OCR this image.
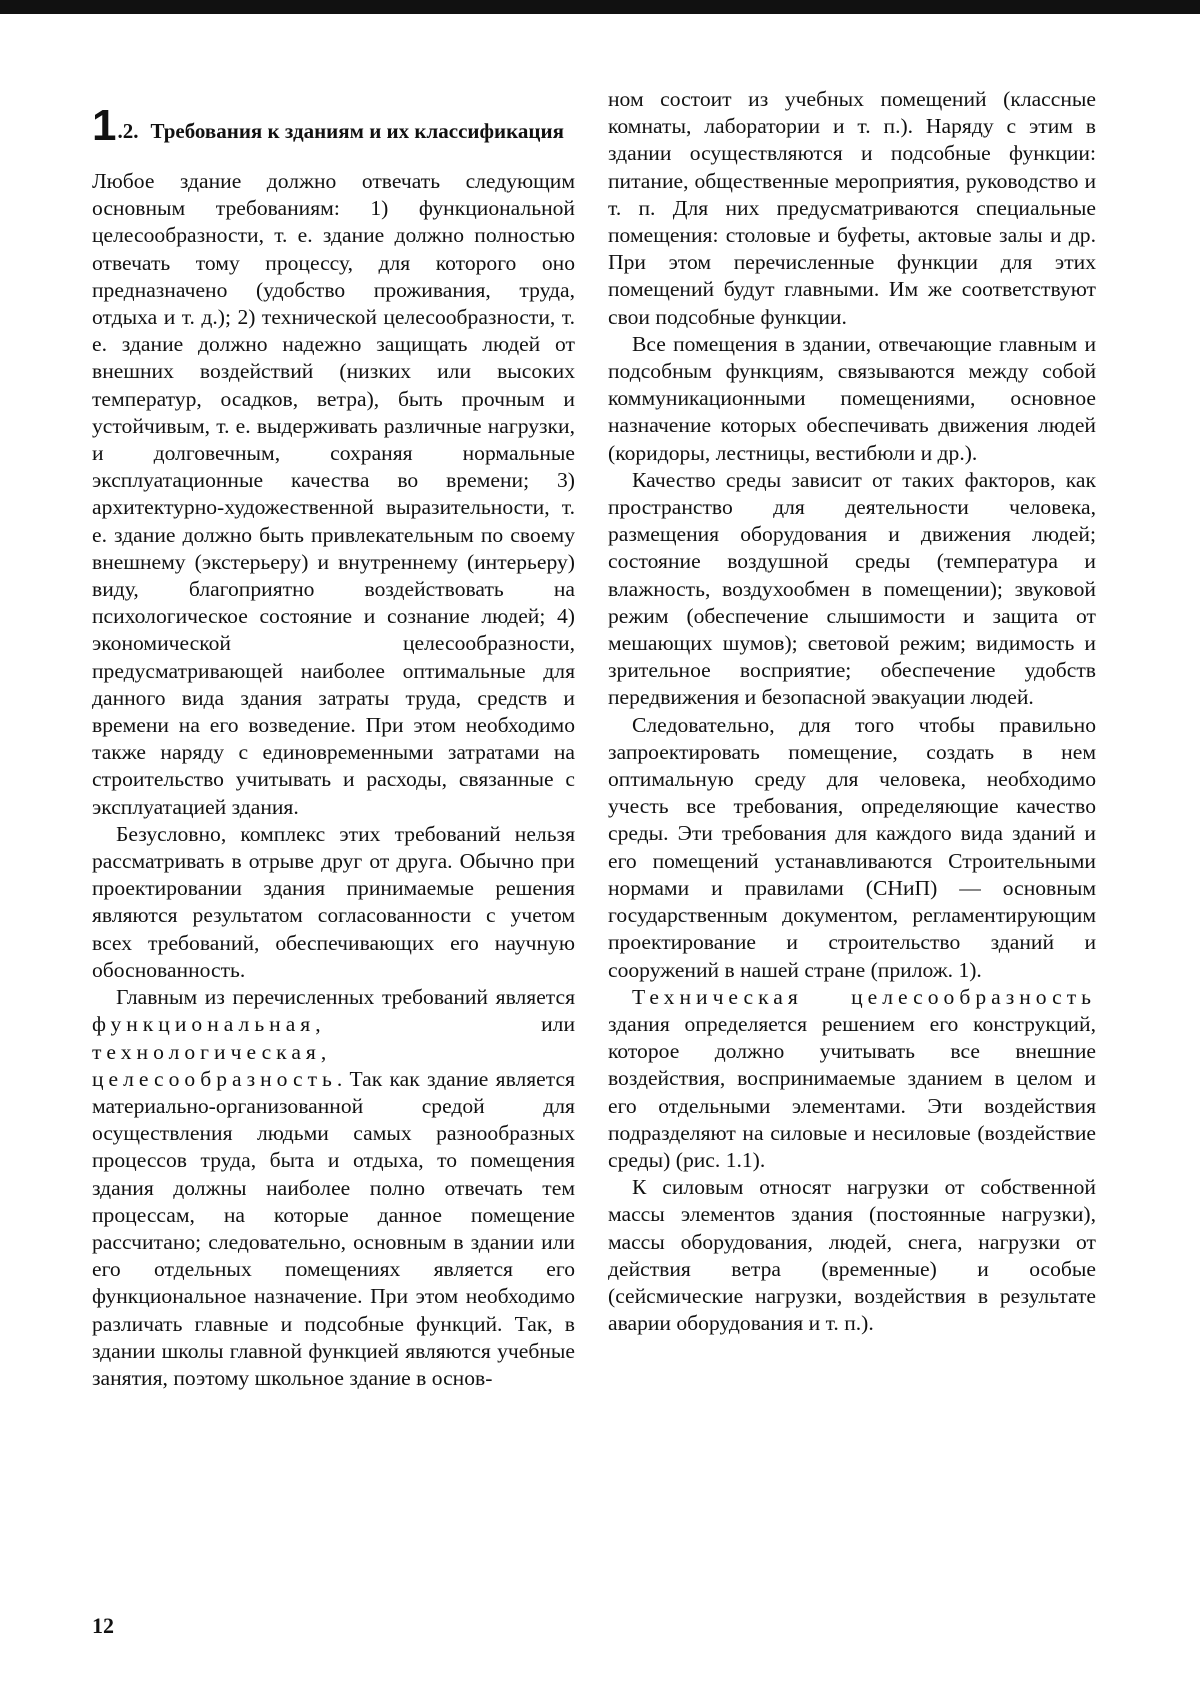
1 .2. Требования к зданиям и их классификация

Любое здание должно отвечать следующим основным требованиям: 1) функциональной целесообразности, т. е. здание должно полностью отвечать тому процессу, для которого оно предназначено (удобство проживания, труда, отдыха и т. д.); 2) технической целесообразности, т. е. здание должно надежно защищать людей от внешних воздействий (низких или высоких температур, осадков, ветра), быть прочным и устойчивым, т. е. выдерживать различные нагрузки, и долговечным, сохраняя нормальные эксплуатационные качества во времени; 3) архитектурно-художественной выразительности, т. е. здание должно быть привлекательным по своему внешнему (экстерьеру) и внутреннему (интерьеру) виду, благоприятно воздействовать на психологическое состояние и сознание людей; 4) экономической целесообразности, предусматривающей наиболее оптимальные для данного вида здания затраты труда, средств и времени на его возведение. При этом необходимо также наряду с единовременными затратами на строительство учитывать и расходы, связанные с эксплуатацией здания.

Безусловно, комплекс этих требований нельзя рассматривать в отрыве друг от друга. Обычно при проектировании здания принимаемые решения являются результатом согласованности с учетом всех требований, обеспечивающих его научную обоснованность.

Главным из перечисленных требований является функциональная, или технологическая, целесообразность. Так как здание является материально-организованной средой для осуществления людьми самых разнообразных процессов труда, быта и отдыха, то помещения здания должны наиболее полно отвечать тем процессам, на которые данное помещение рассчитано; следовательно, основным в здании или его отдельных помещениях является его функциональное назначение. При этом необходимо различать главные и подсобные функций. Так, в здании школы главной функцией являются учебные занятия, поэтому школьное здание в основ-

ном состоит из учебных помещений (классные комнаты, лаборатории и т. п.). Наряду с этим в здании осуществляются и подсобные функции: питание, общественные мероприятия, руководство и т. п. Для них предусматриваются специальные помещения: столовые и буфеты, актовые залы и др. При этом перечисленные функции для этих помещений будут главными. Им же соответствуют свои подсобные функции.

Все помещения в здании, отвечающие главным и подсобным функциям, связываются между собой коммуникационными помещениями, основное назначение которых обеспечивать движения людей (коридоры, лестницы, вестибюли и др.).

Качество среды зависит от таких факторов, как пространство для деятельности человека, размещения оборудования и движения людей; состояние воздушной среды (температура и влажность, воздухообмен в помещении); звуковой режим (обеспечение слышимости и защита от мешающих шумов); световой режим; видимость и зрительное восприятие; обеспечение удобств передвижения и безопасной эвакуации людей.

Следовательно, для того чтобы правильно запроектировать помещение, создать в нем оптимальную среду для человека, необходимо учесть все требования, определяющие качество среды. Эти требования для каждого вида зданий и его помещений устанавливаются Строительными нормами и правилами (СНиП) — основным государственным документом, регламентирующим проектирование и строительство зданий и сооружений в нашей стране (прилож. 1).

Техническая целесообразность здания определяется решением его конструкций, которое должно учитывать все внешние воздействия, воспринимаемые зданием в целом и его отдельными элементами. Эти воздействия подразделяют на силовые и несиловые (воздействие среды) (рис. 1.1).

К силовым относят нагрузки от собственной массы элементов здания (постоянные нагрузки), массы оборудования, людей, снега, нагрузки от действия ветра (временные) и особые (сейсмические нагрузки, воздействия в результате аварии оборудования и т. п.).

12
